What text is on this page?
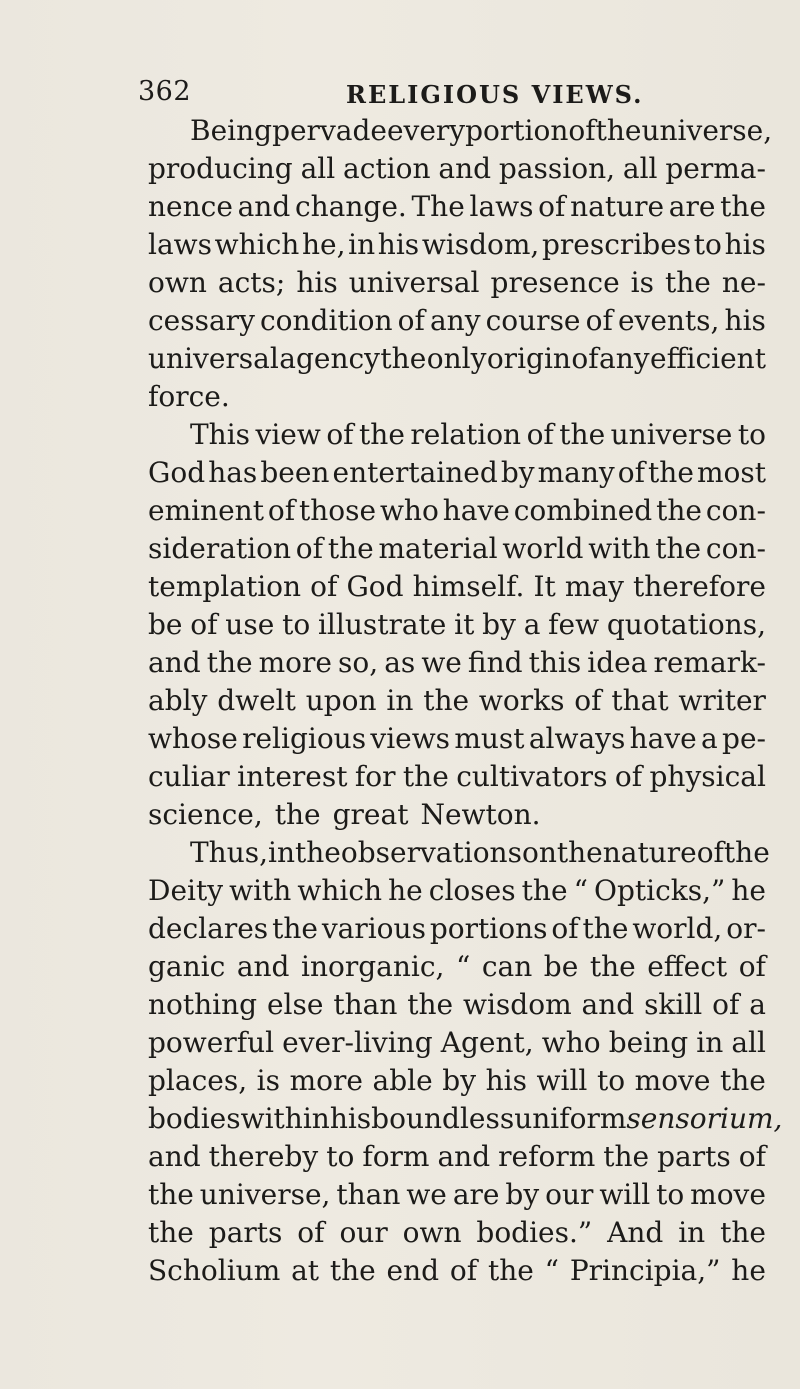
362	RELIGIOUS VIEWS.
Being pervade every portion of the universe,
producing all action and passion, all perma-
nence and change. The laws of nature are the
laws which he, in his wisdom, prescribes to his
own acts; his universal presence is the ne-
cessary condition of any course of events, his
universal agency the only origin of any efficient
force.
This view of the relation of the universe to
God has been entertained by many of the most
eminent of those who have combined the con-
sideration of the material world with the con-
templation of God himself. It may therefore
be of use to illustrate it by a few quotations,
and the more so, as we find this idea remark-
ably dwelt upon in the works of that writer
whose religious views must always have a pe-
culiar interest for the cultivators of physical
science, the great Newton.
Thus, in the observations on the nature of the
Deity with which he closes the “ Opticks,” he
declares the various portions of the world, or-
ganic and inorganic, “ can be the effect of
nothing else than the wisdom and skill of a
powerful ever-living Agent, who being in all
places, is more able by his will to move the
bodies within his boundless uniform sensorium,
and thereby to form and reform the parts of
the universe, than we are by our will to move
the parts of our own bodies.” And in the
Scholium at the end of the “ Principia,” he
